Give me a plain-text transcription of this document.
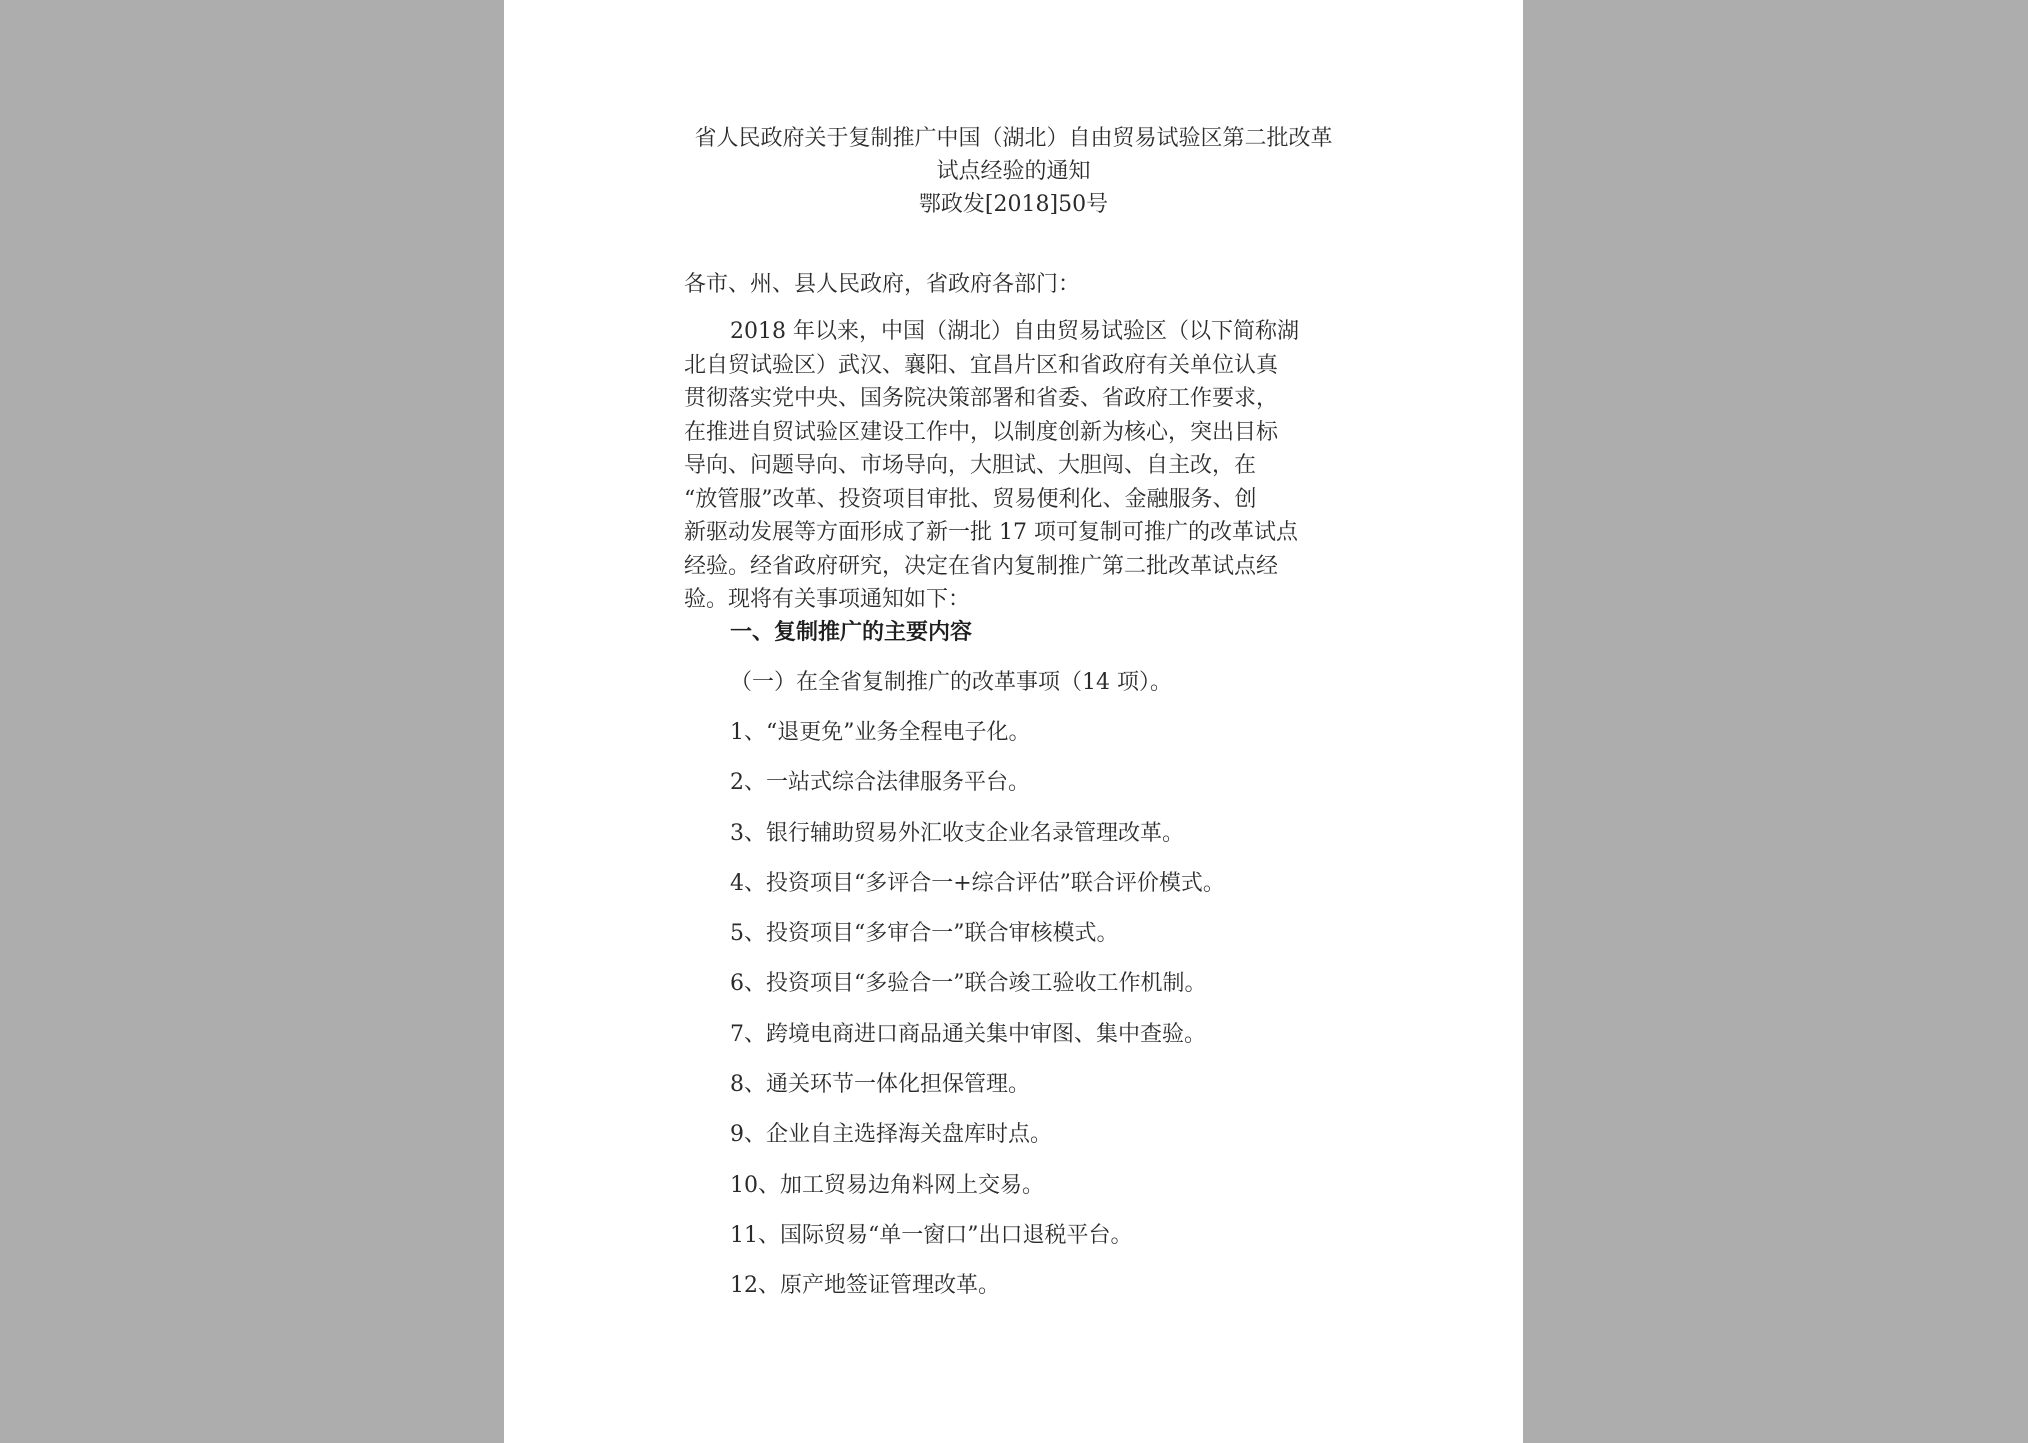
省人民政府关于复制推广中国（湖北）自由贸易试验区第二批改革
试点经验的通知
鄂政发[2018]50号
各市、州、县人民政府，省政府各部门：
2018 年以来，中国（湖北）自由贸易试验区（以下简称湖
北自贸试验区）武汉、襄阳、宜昌片区和省政府有关单位认真
贯彻落实党中央、国务院决策部署和省委、省政府工作要求，
在推进自贸试验区建设工作中，以制度创新为核心，突出目标
导向、问题导向、市场导向，大胆试、大胆闯、自主改，在
“放管服”改革、投资项目审批、贸易便利化、金融服务、创
新驱动发展等方面形成了新一批 17 项可复制可推广的改革试点
经验。经省政府研究，决定在省内复制推广第二批改革试点经
验。现将有关事项通知如下：
一、复制推广的主要内容
（一）在全省复制推广的改革事项（14 项）。
1、“退更免”业务全程电子化。
2、一站式综合法律服务平台。
3、银行辅助贸易外汇收支企业名录管理改革。
4、投资项目“多评合一+综合评估”联合评价模式。
5、投资项目“多审合一”联合审核模式。
6、投资项目“多验合一”联合竣工验收工作机制。
7、跨境电商进口商品通关集中审图、集中查验。
8、通关环节一体化担保管理。
9、企业自主选择海关盘库时点。
10、加工贸易边角料网上交易。
11、国际贸易“单一窗口”出口退税平台。
12、原产地签证管理改革。
